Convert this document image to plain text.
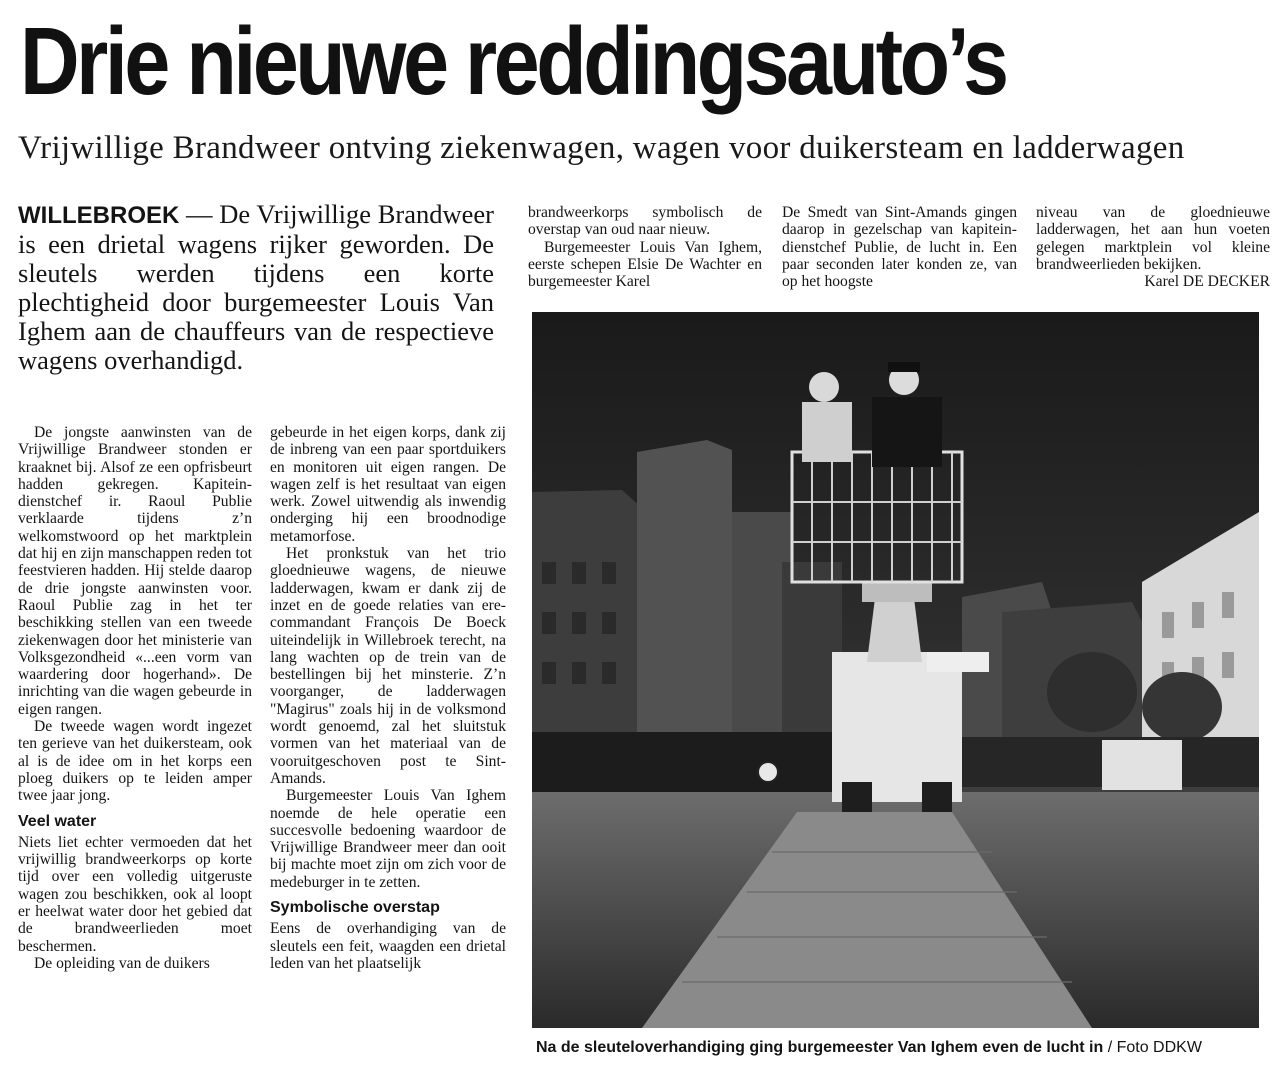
Drie nieuwe reddingsauto’s
Vrijwillige Brandweer ontving ziekenwagen, wagen voor duikersteam en ladderwagen

WILLEBROEK — De Vrijwillige Brandweer is een drietal wagens rijker geworden. De sleutels werden tijdens een korte plechtigheid door burgemeester Louis Van Ighem aan de chauffeurs van de respectieve wagens overhandigd.

De jongste aanwinsten van de Vrijwillige Brandweer stonden er kraaknet bij. Alsof ze een opfrisbeurt hadden gekregen. Kapitein-dienstchef ir. Raoul Publie verklaarde tijdens z’n welkomstwoord op het marktplein dat hij en zijn manschappen reden tot feestvieren hadden. Hij stelde daarop de drie jongste aanwinsten voor. Raoul Publie zag in het ter beschikking stellen van een tweede ziekenwagen door het ministerie van Volksgezondheid «...een vorm van waardering door hogerhand». De inrichting van die wagen gebeurde in eigen rangen.

De tweede wagen wordt ingezet ten gerieve van het duikersteam, ook al is de idee om in het korps een ploeg duikers op te leiden amper twee jaar jong.

Veel water

Niets liet echter vermoeden dat het vrijwillig brandweerkorps op korte tijd over een volledig uitgeruste wagen zou beschikken, ook al loopt er heelwat water door het gebied dat de brandweerlieden moet beschermen.

De opleiding van de duikers

gebeurde in het eigen korps, dank zij de inbreng van een paar sportduikers en monitoren uit eigen rangen. De wagen zelf is het resultaat van eigen werk. Zowel uitwendig als inwendig onderging hij een broodnodige metamorfose.

Het pronkstuk van het trio gloednieuwe wagens, de nieuwe ladderwagen, kwam er dank zij de inzet en de goede relaties van ere-commandant François De Boeck uiteindelijk in Willebroek terecht, na lang wachten op de trein van de bestellingen bij het minsterie. Z’n voorganger, de ladderwagen "Magirus" zoals hij in de volksmond wordt genoemd, zal het sluitstuk vormen van het materiaal van de vooruitgeschoven post te Sint-Amands.

Burgemeester Louis Van Ighem noemde de hele operatie een succesvolle bedoening waardoor de Vrijwillige Brandweer meer dan ooit bij machte moet zijn om zich voor de medeburger in te zetten.

Symbolische overstap

Eens de overhandiging van de sleutels een feit, waagden een drietal leden van het plaatselijk

brandweerkorps symbolisch de overstap van oud naar nieuw.

Burgemeester Louis Van Ighem, eerste schepen Elsie De Wachter en burgemeester Karel

De Smedt van Sint-Amands gingen daarop in gezelschap van kapitein-dienstchef Publie, de lucht in. Een paar seconden later konden ze, van op het hoogste

niveau van de gloednieuwe ladderwagen, het aan hun voeten gelegen marktplein vol kleine brandweerlieden bekijken.

Karel DE DECKER

Na de sleuteloverhandiging ging burgemeester Van Ighem even de lucht in / Foto DDKW
